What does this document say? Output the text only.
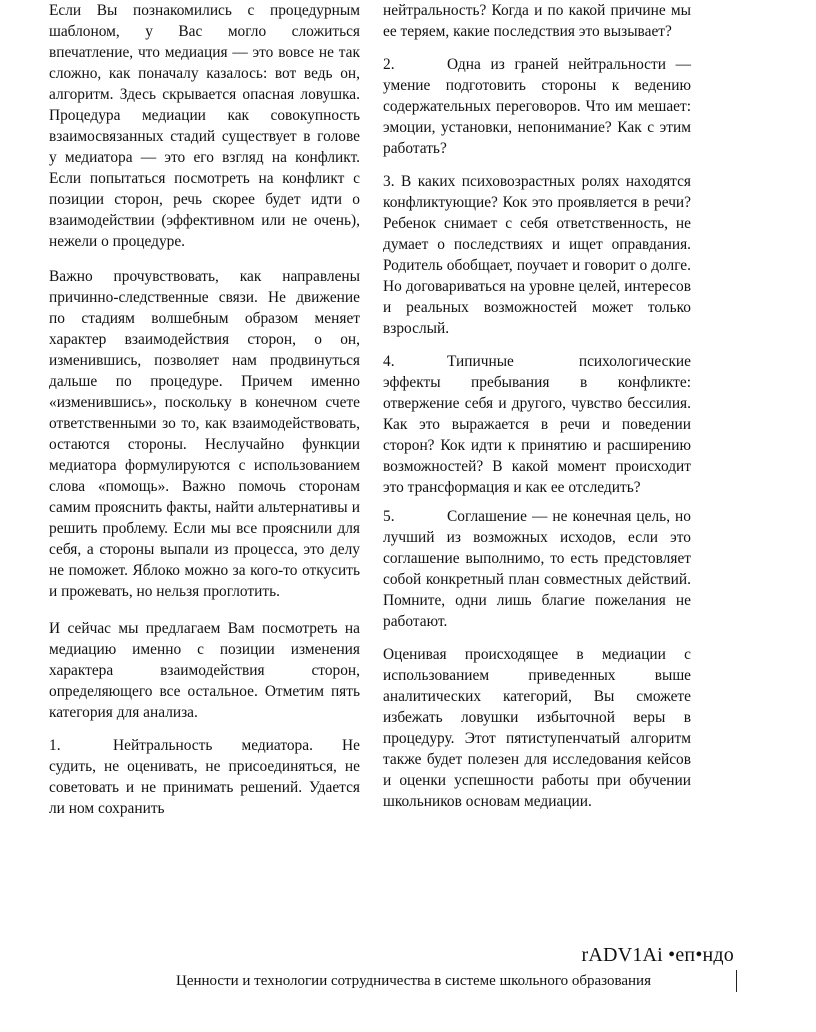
Если Вы познакомились с процедурным шаблоном, у Вас могло сложиться впечатление, что медиация — это вовсе не так сложно, как поначалу казалось: вот ведь он, алгоритм. Здесь скрывается опасная ловушка. Процедура медиации как совокупность взаимосвязанных стадий существует в голове у медиатора — это его взгляд на конфликт. Если попытаться посмотреть на конфликт с позиции сторон, речь скорее будет идти о взаимодействии (эффективном или не очень), нежели о процедуре.

Важно прочувствовать, как направлены причинно-следственные связи. Не движение по стадиям волшебным образом меняет характер взаимодействия сторон, о он, изменившись, позволяет нам продвинуться дальше по процедуре. Причем именно «изменившись», поскольку в конечном счете ответственными зо то, как взаимодействовать, остаются стороны. Неслучайно функции медиатора формулируются с использованием слова «помощь». Важно помочь сторонам самим прояснить факты, найти альтернативы и решить проблему. Если мы все прояснили для себя, а стороны выпали из процесса, это делу не поможет. Яблоко можно за кого-то откусить и прожевать, но нельзя проглотить.

И сейчас мы предлагаем Вам посмотреть на медиацию именно с позиции изменения характера взаимодействия сторон, определяющего все остальное. Отметим пять категория для анализа.

1.	Нейтральность медиатора. Не судить, не оценивать, не присоединяться, не советовать и не принимать решений. Удается ли ном сохранить

нейтральность? Когда и по какой причине мы ее теряем, какие последствия это вызывает?

2.	Одна из граней нейтральности — умение подготовить стороны к ведению содержательных переговоров. Что им мешает: эмоции, установки, непонимание? Как с этим работать?

3. В каких психовозрастных ролях находятся конфликтующие? Кок это проявляется в речи? Ребенок снимает с себя ответственность, не думает о последствиях и ищет оправдания. Родитель обобщает, поучает и говорит о долге. Но договариваться на уровне целей, интересов и реальных возможностей может только взрослый.

4.	Типичные психологические эффекты пребывания в конфликте: отвержение себя и другого, чувство бессилия. Как это выражается в речи и поведении сторон? Кок идти к принятию и расширению возможностей? В какой момент происходит это трансформация и как ее отследить?

5.	Соглашение — не конечная цель, но лучший из возможных исходов, если это соглашение выполнимо, то есть предстовляет собой конкретный план совместных действий. Помните, одни лишь благие пожелания не работают.

Оценивая происходящее в медиации с использованием приведенных выше аналитических категорий, Вы сможете избежать ловушки избыточной веры в процедуру. Этот пятиступенчатый алгоритм также будет полезен для исследования кейсов и оценки успешности работы при обучении школьников основам медиации.

rADV1Ai •еп•ндо
Ценности и технологии сотрудничества в системе школьного образования
